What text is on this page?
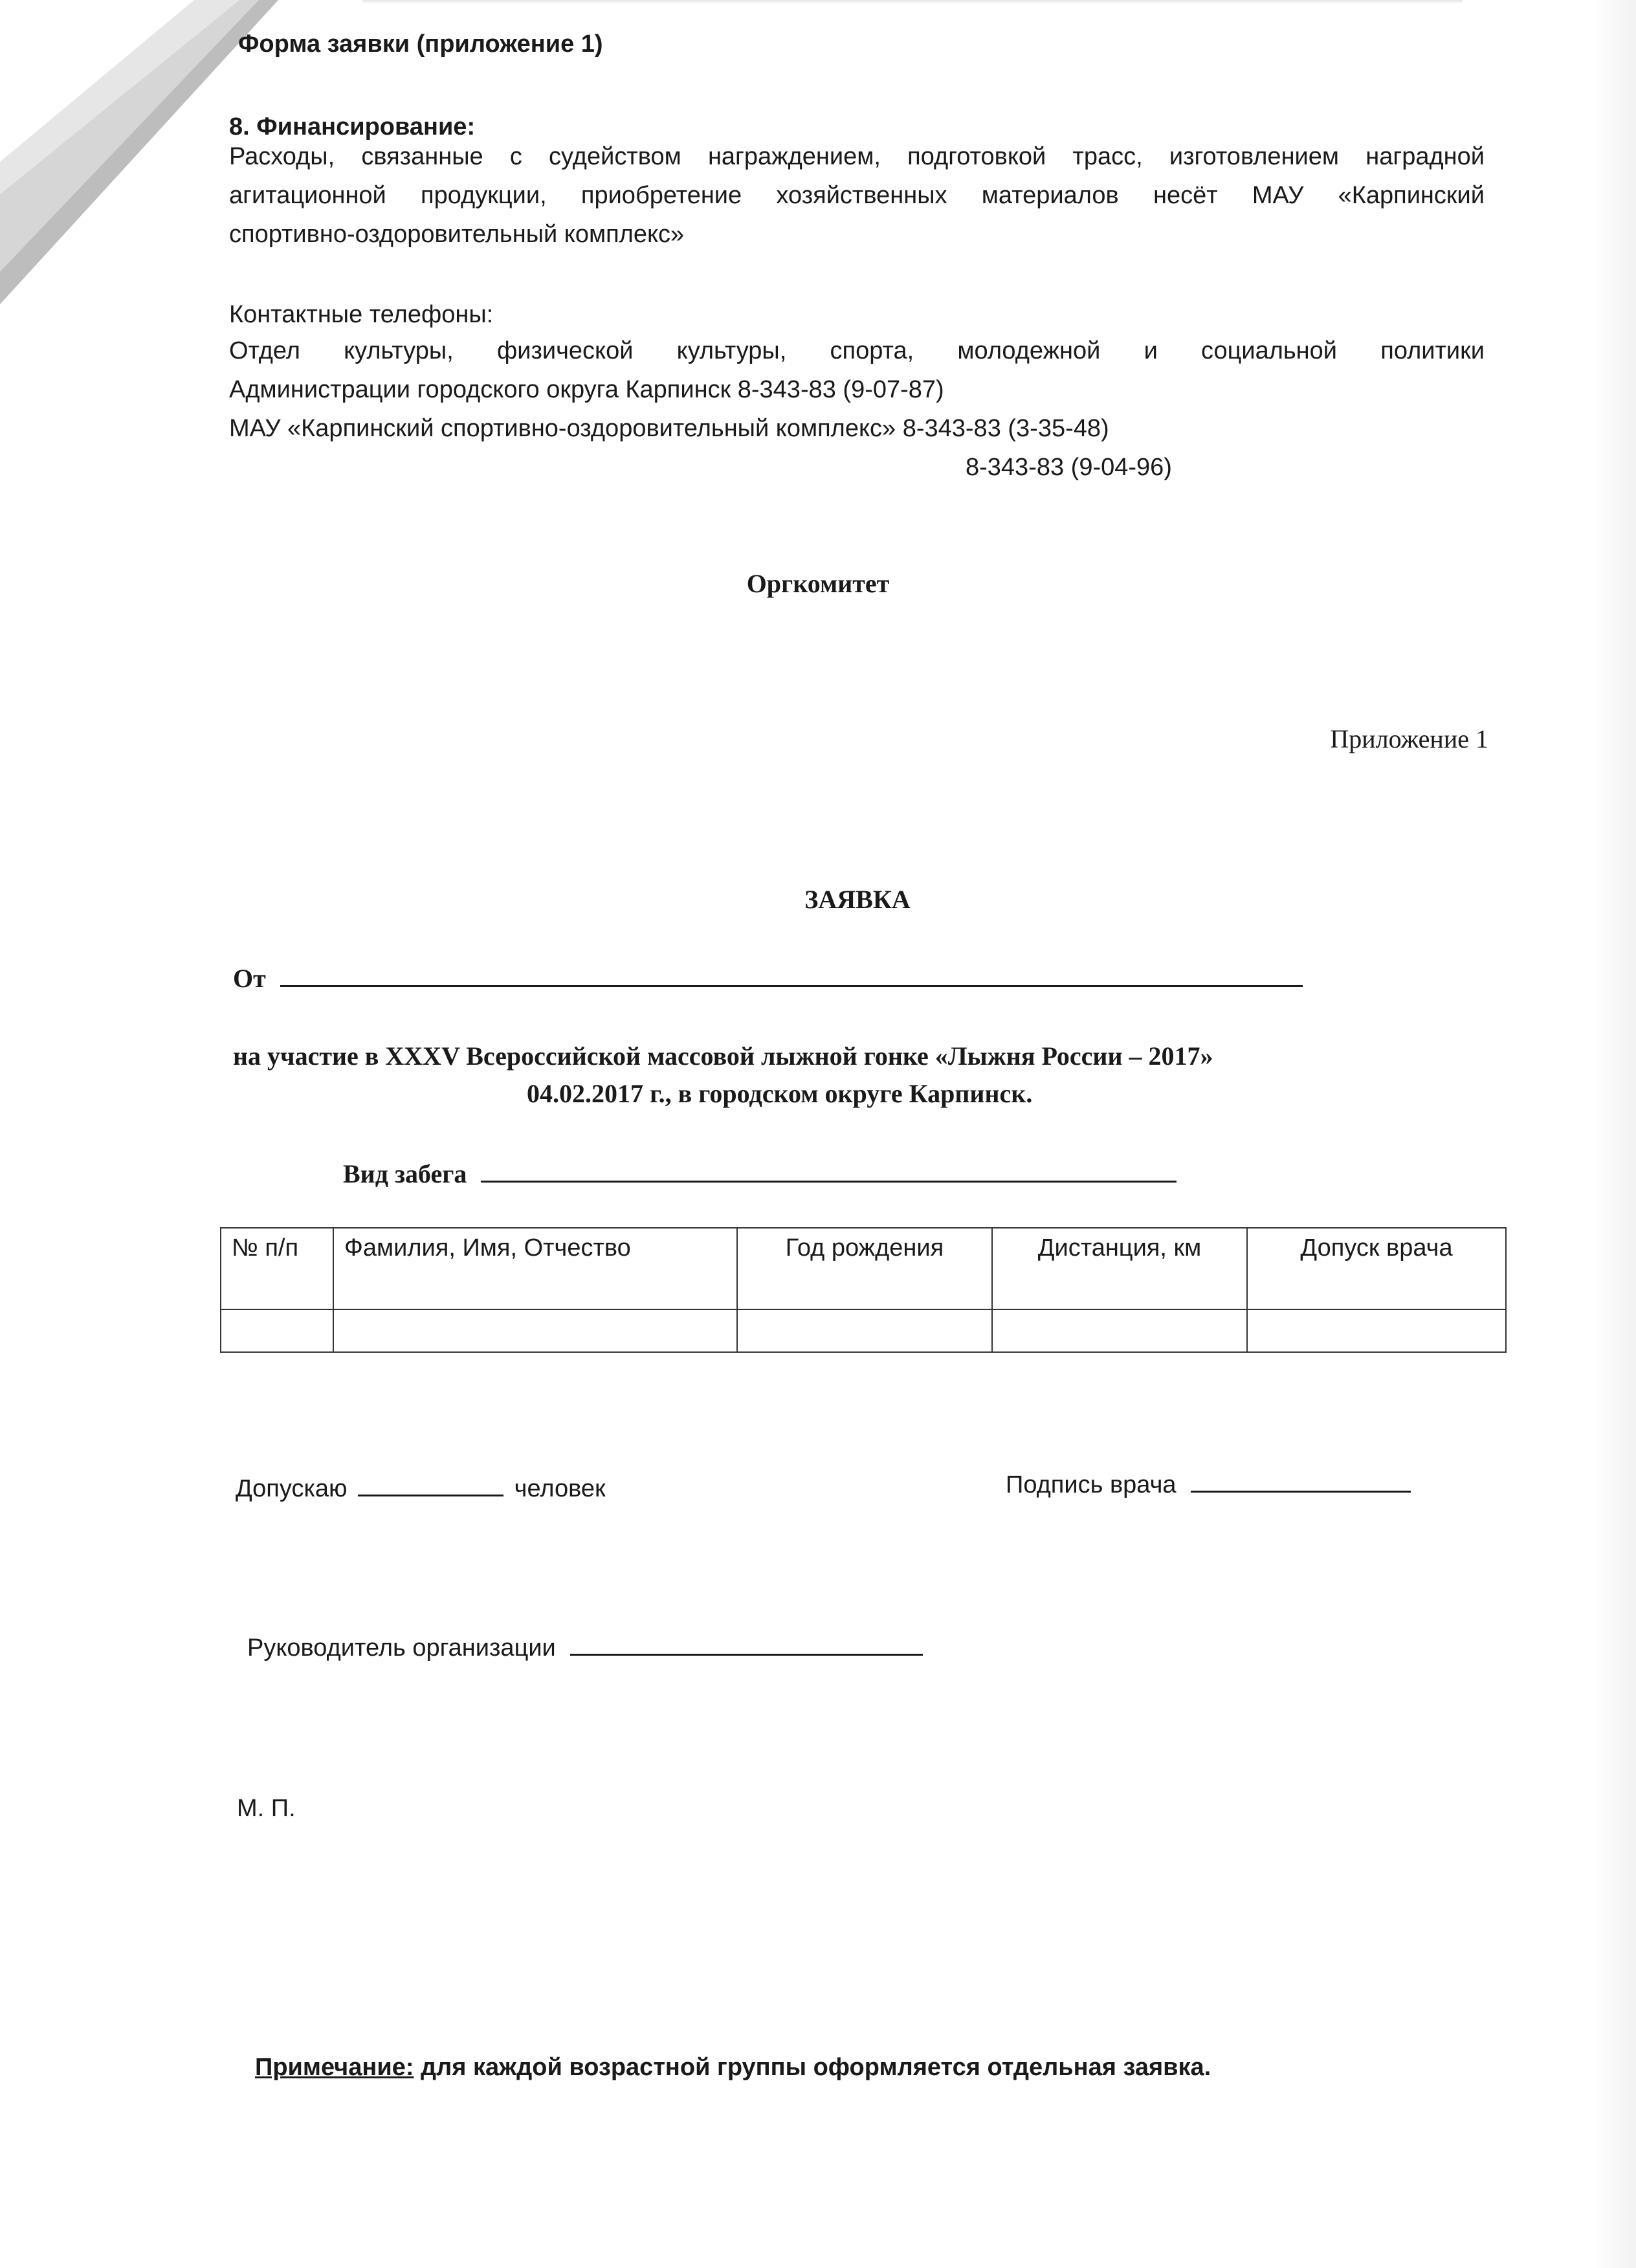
Форма заявки (приложение 1)
8. Финансирование:
Расходы, связанные с судейством награждением, подготовкой трасс, изготовлением наградной
агитационной продукции, приобретение хозяйственных материалов несёт МАУ «Карпинский
спортивно-оздоровительный комплекс»
Контактные телефоны:
Отдел культуры, физической культуры, спорта, молодежной и социальной политики
Администрации городского округа Карпинск 8-343-83 (9-07-87)
МАУ «Карпинский спортивно-оздоровительный комплекс» 8-343-83 (3-35-48)
8-343-83 (9-04-96)
Оргкомитет
Приложение 1
ЗАЯВКА
От
на участие в XXXV Всероссийской массовой лыжной гонке «Лыжня России – 2017»
04.02.2017 г., в городском округе Карпинск.
Вид забега
№ п/п	Фамилия, Имя, Отчество	Год рождения	Дистанция, км	Допуск врача

Допускаю	человек	Подпись врача
Руководитель организации
М. П.
Примечание: для каждой возрастной группы оформляется отдельная заявка.
